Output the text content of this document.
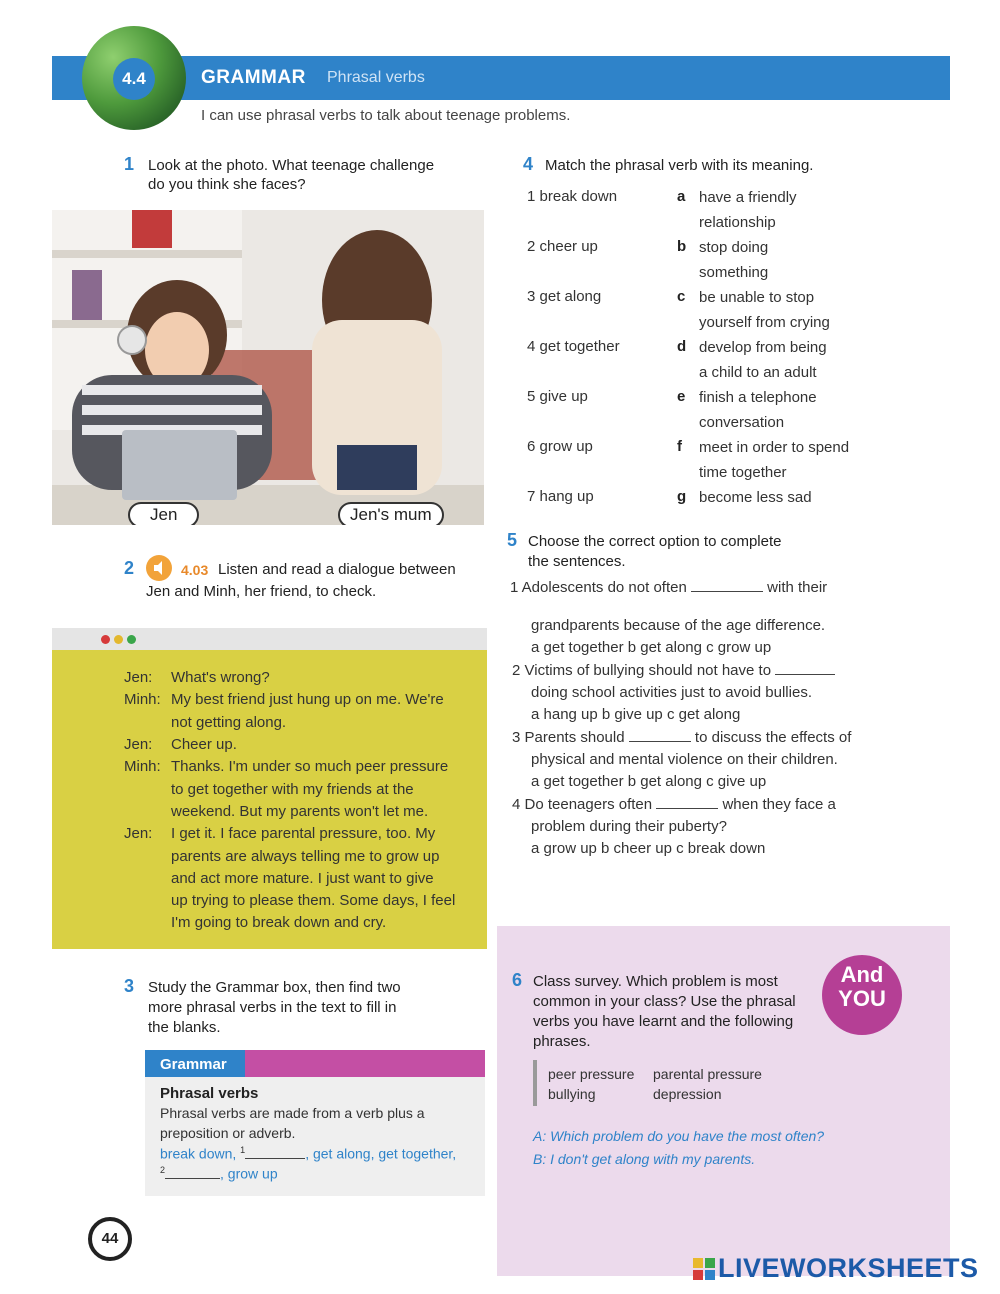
4.4	GRAMMAR Phrasal verbs
I can use phrasal verbs to talk about teenage problems.
1 Look at the photo. What teenage challenge
do you think she faces?
Jen	Jen's mum
2	4.03 Listen and read a dialogue between
Jen and Minh, her friend, to check.
Jen: What's wrong?
Minh: My best friend just hung up on me. We're
not getting along.
Jen: Cheer up.
Minh: Thanks. I'm under so much peer pressure
to get together with my friends at the
weekend. But my parents won't let me.
Jen: I get it. I face parental pressure, too. My
parents are always telling me to grow up
and act more mature. I just want to give
up trying to please them. Some days, I feel
I'm going to break down and cry.
3 Study the Grammar box, then find two
more phrasal verbs in the text to fill in
the blanks.
Grammar
Phrasal verbs
Phrasal verbs are made from a verb plus a
preposition or adverb.
break down, $^1$	, get along, get together,
$^2$	, grow up
4 Match the phrasal verb with its meaning.
1 break down	a have a friendly
relationship
2 cheer up	b stop doing
something
3 get along	c be unable to stop
yourself from crying
4 get together	d develop from being
a child to an adult
5 give up	e finish a telephone
conversation
6 grow up	f meet in order to spend
time together
7 hang up	g become less sad
5 Choose the correct option to complete
the sentences.
1 Adolescents do not often	with their
grandparents because of the age difference.
a get together b get along c grow up
2 Victims of bullying should not have to
doing school activities just to avoid bullies.
a hang up b give up c get along
3 Parents should	to discuss the effects of
physical and mental violence on their children.
a get together b get along c give up
4 Do teenagers often	when they face a
problem during their puberty?
a grow up b cheer up c break down
6 Class survey. Which problem is most
common in your class? Use the phrasal
verbs you have learnt and the following
phrases.
And
YOU
peer pressure parental pressure
bullying	depression
A: Which problem do you have the most often?
B: I don't get along with my parents.
44
LIVEWORKSHEETS
